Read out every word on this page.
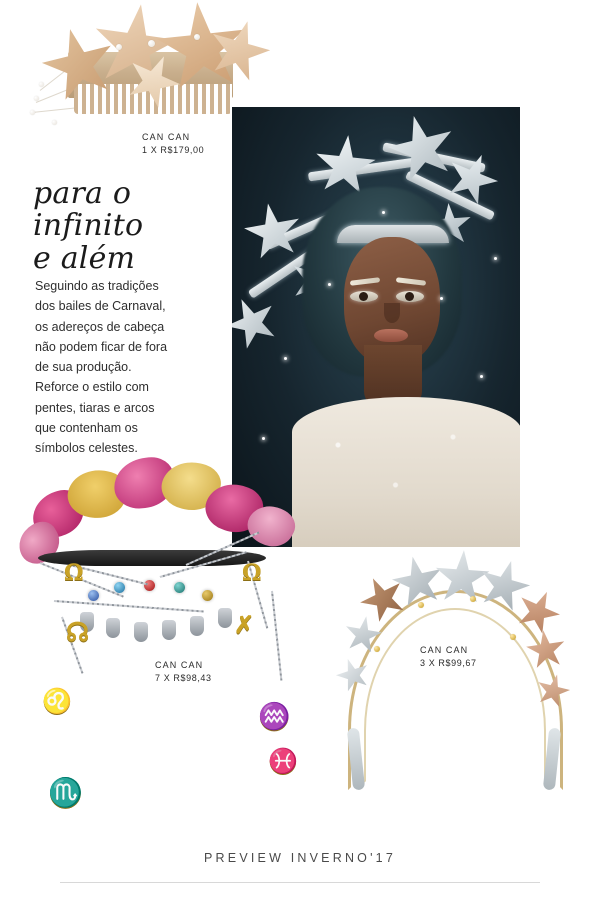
CAN CAN
1 X R$179,00
para o
infinito
e além
Seguindo as tradições
dos bailes de Carnaval,
os adereços de cabeça
não podem ficar de fora
de sua produção.
Reforce o estilo com
pentes, tiaras e arcos
que contenham os
símbolos celestes.
☊
♌
♏
✗
♒
♓
Ω	Ω
CAN CAN
7 X R$98,43
CAN CAN
3 X R$99,67
PREVIEW INVERNO'17
